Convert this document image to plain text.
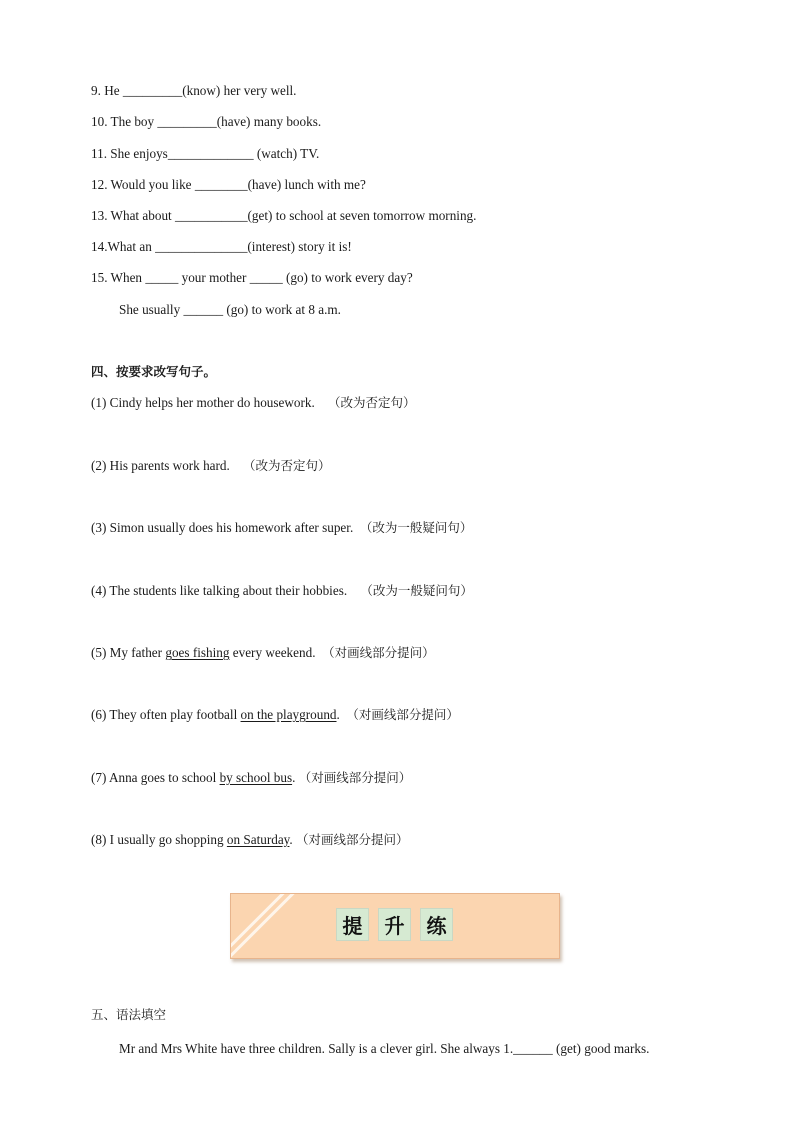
9. He _________(know) her very well.
10. The boy _________(have) many books.
11. She enjoys_____________ (watch) TV.
12. Would you like ________(have) lunch with me?
13. What about ___________(get) to school at seven tomorrow morning.
14.What an ______________(interest) story it is!
15. When _____ your mother _____ (go) to work every day?
She usually ______ (go) to work at 8 a.m.
四、按要求改写句子。
(1) Cindy helps her mother do housework. （改为否定句）
(2) His parents work hard. （改为否定句）
(3) Simon usually does his homework after super. （改为一般疑问句）
(4) The students like talking about their hobbies. （改为一般疑问句）
(5) My father goes fishing every weekend. （对画线部分提问）
(6) They often play football on the playground. （对画线部分提问）
(7) Anna goes to school by school bus. （对画线部分提问）
(8) I usually go shopping on Saturday. （对画线部分提问）
提	升	练
五、语法填空
Mr and Mrs White have three children. Sally is a clever girl. She always 1.______ (get) good marks.
